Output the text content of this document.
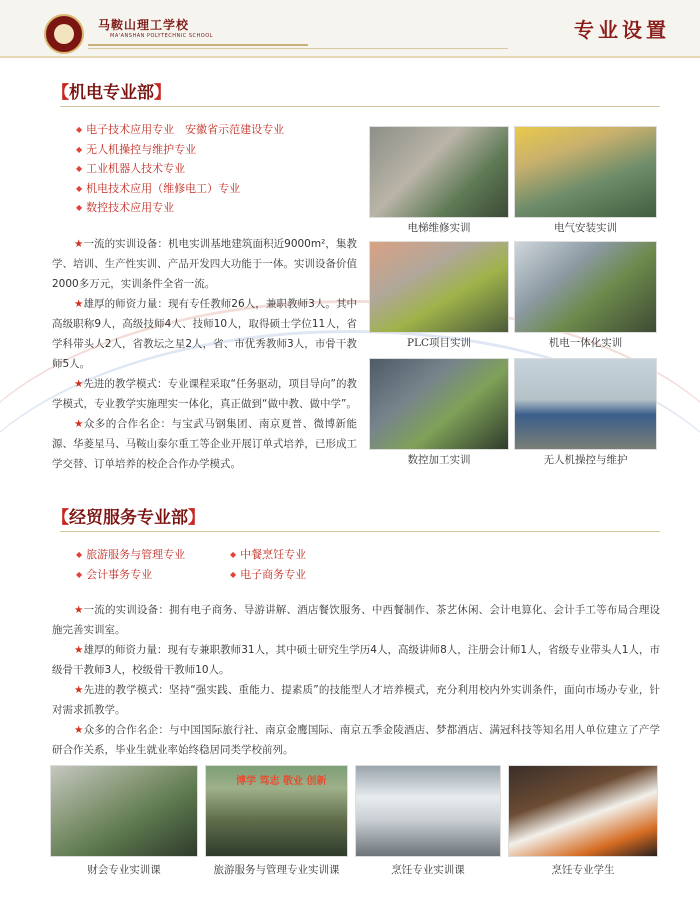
马鞍山理工学校
MA'ANSHAN POLYTECHNIC SCHOOL	专业设置
【机电专业部】
◆ 电子技术应用专业　安徽省示范建设专业
◆ 无人机操控与维护专业
◆ 工业机器人技术专业
◆ 机电技术应用（维修电工）专业
◆ 数控技术应用专业
★一流的实训设备：机电实训基地建筑面积近9000m²，集教学、培训、生产性实训、产品开发四大功能于一体。实训设备价值2000多万元，实训条件全省一流。
★雄厚的师资力量：现有专任教师26人，兼职教师3人。其中高级职称9人，高级技师4人、技师10人，取得硕士学位11人，省学科带头人2人，省教坛之星2人，省、市优秀教师3人，市骨干教师5人。
★先进的教学模式：专业课程采取“任务驱动，项目导向”的教学模式，专业教学实施理实一体化，真正做到“做中教、做中学”。
★众多的合作名企：与宝武马钢集团、南京夏普、微博新能源、华菱星马、马鞍山泰尔重工等企业开展订单式培养，已形成工学交替、订单培养的校企合作办学模式。
电梯维修实训	电气安装实训
PLC项目实训	机电一体化实训
数控加工实训	无人机操控与维护
【经贸服务专业部】
◆ 旅游服务与管理专业
◆ 会计事务专业
◆ 中餐烹饪专业
◆ 电子商务专业
★一流的实训设备：拥有电子商务、导游讲解、酒店餐饮服务、中西餐制作、茶艺休闲、会计电算化、会计手工等布局合理设施完善实训室。
★雄厚的师资力量：现有专兼职教师31人，其中硕士研究生学历4人，高级讲师8人，注册会计师1人，省级专业带头人1人，市级骨干教师3人，校级骨干教师10人。
★先进的教学模式：坚持“强实践、重能力、提素质”的技能型人才培养模式，充分利用校内外实训条件，面向市场办专业，针对需求抓教学。
★众多的合作名企：与中国国际旅行社、南京金鹰国际、南京五季金陵酒店、梦都酒店、满冠科技等知名用人单位建立了产学研合作关系，毕业生就业率始终稳居同类学校前列。
博学 笃志 敬业 创新
财会专业实训课	旅游服务与管理专业实训课	烹饪专业实训课	烹饪专业学生
